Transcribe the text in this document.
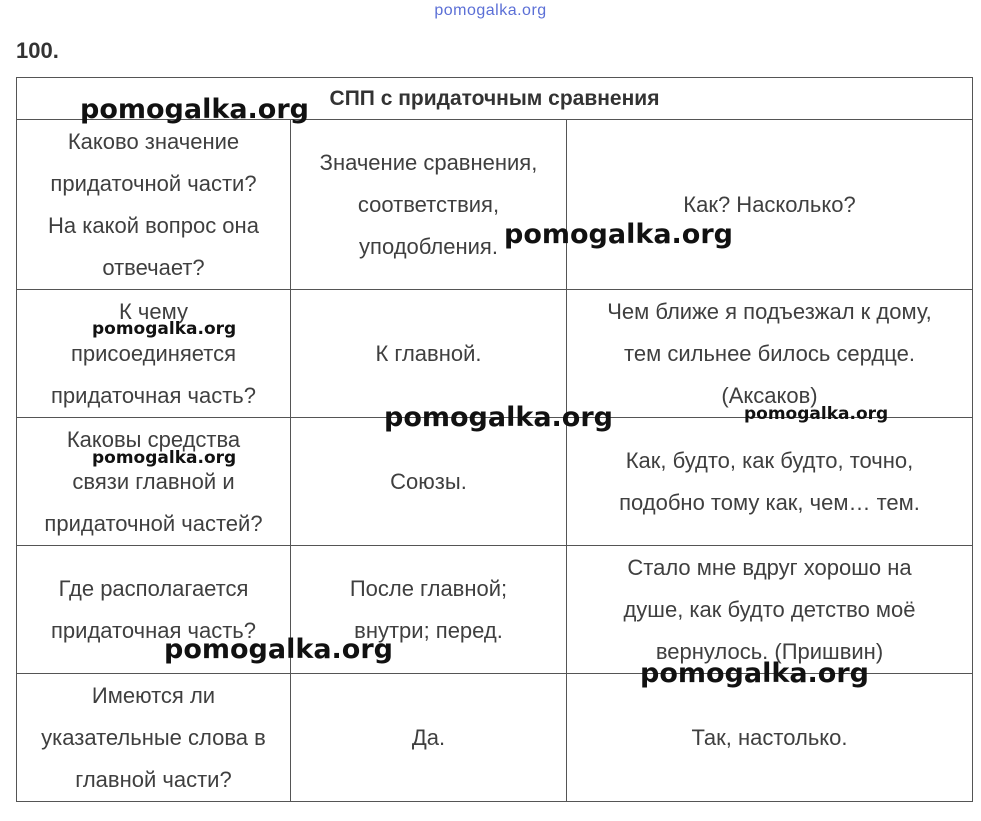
pomogalka.org
100.
СПП с придаточным сравнения		

Каково значение
придаточной части?
На какой вопрос она
отвечает?	Значение сравнения,
соответствия,
уподобления.	Как? Насколько?

К чему
присоединяется
придаточная часть?	К главной.	Чем ближе я подъезжал к дому,
тем сильнее билось сердце.
(Аксаков)

Каковы средства
связи главной и
придаточной частей?	Союзы.	Как, будто, как будто, точно,
подобно тому как, чем… тем.

Где располагается
придаточная часть?	После главной;
внутри; перед.	Стало мне вдруг хорошо на
душе, как будто детство моё
вернулось. (Пришвин)

Имеются ли
указательные слова в
главной части?	Да.	Так, настолько.
pomogalka.org
pomogalka.org
pomogalka.org
pomogalka.org
pomogalka.org
pomogalka.org
pomogalka.org
pomogalka.org
